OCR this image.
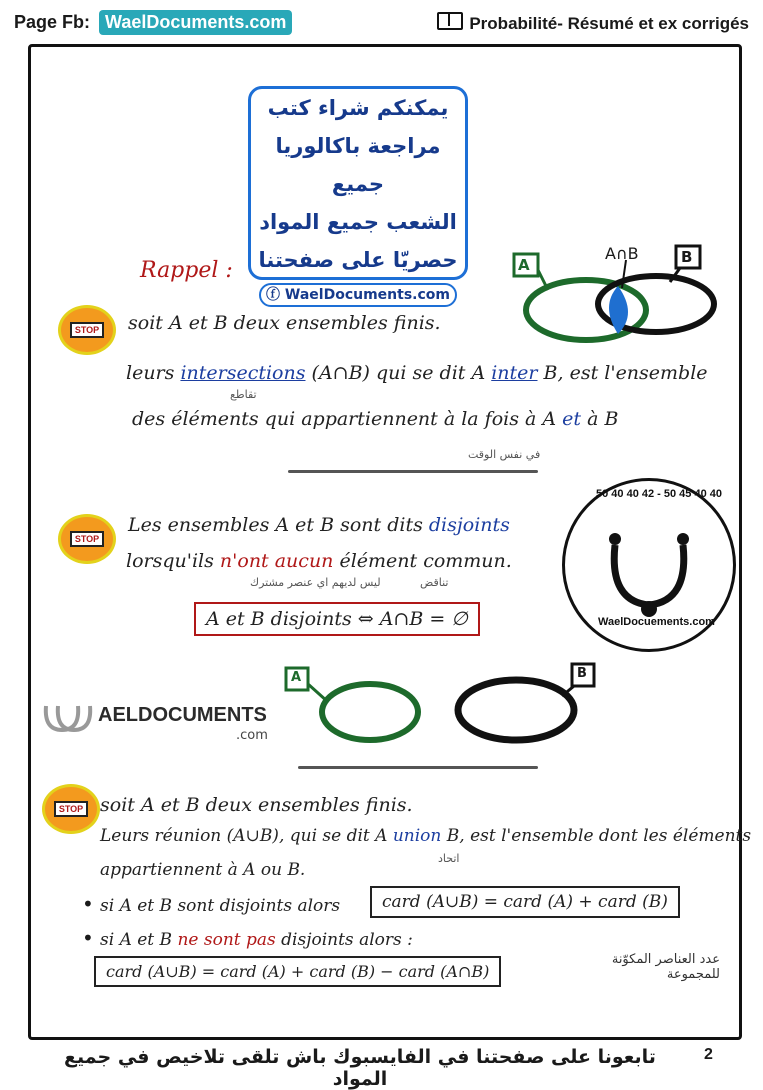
Page Fb: WaelDocuments.com	Probabilité- Résumé et ex corrigés
يمكنكم شراء كتب
مراجعة باكالوريا جميع
الشعب جميع المواد
حصريّا على صفحتنا
ⓕ WaelDocuments.com
Rappel :	A	B
A∩B
STOP soit A et B deux ensembles finis.
leurs intersections (A∩B) qui se dit A inter B, est l'ensemble
تقاطع
des éléments qui appartiennent à la fois à A et à B
في نفس الوقت
STOP
Les ensembles A et B sont dits disjoints
lorsqu'ils n'ont aucun élément commun.
ليس لديهم اي عنصر مشترك	تناقض
A et B disjoints ⇔ A∩B = ∅
50 40 40 42 - 50 45 40 40
WaelDocuements.com
A	B
AELDOCUMENTS
.com
STOP soit A et B deux ensembles finis.
Leurs réunion (A∪B), qui se dit A union B, est l'ensemble dont les éléments
اتحاد
appartiennent à A ou B.
• si A et B sont disjoints alors	card (A∪B) = card (A) + card (B)
• si A et B ne sont pas disjoints alors :
card (A∪B) = card (A) + card (B) − card (A∩B)
عدد العناصر المكوّنة للمجموعة
تابعونا على صفحتنا في الفايسبوك باش تلقى تلاخيص في جميع المواد
2
